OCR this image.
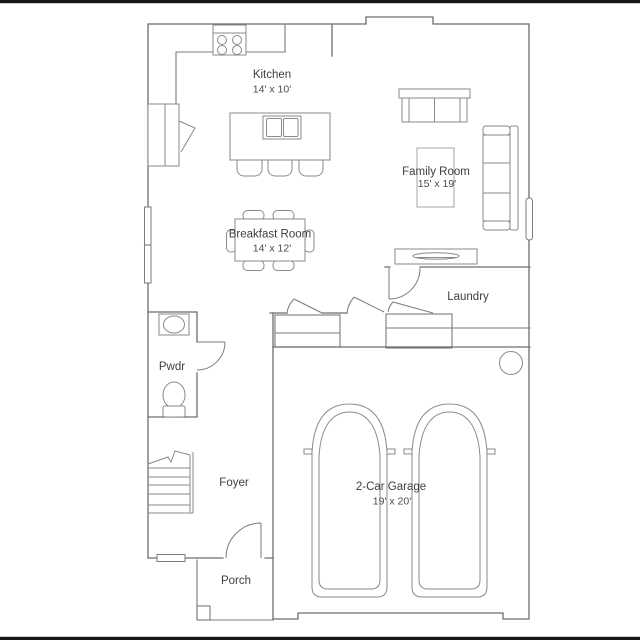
Kitchen
14' x 10'
Family Room
15' x 19'
Breakfast Room
14' x 12'
Laundry
Pwdr
Foyer
Porch
2-Car Garage
19' x 20'
